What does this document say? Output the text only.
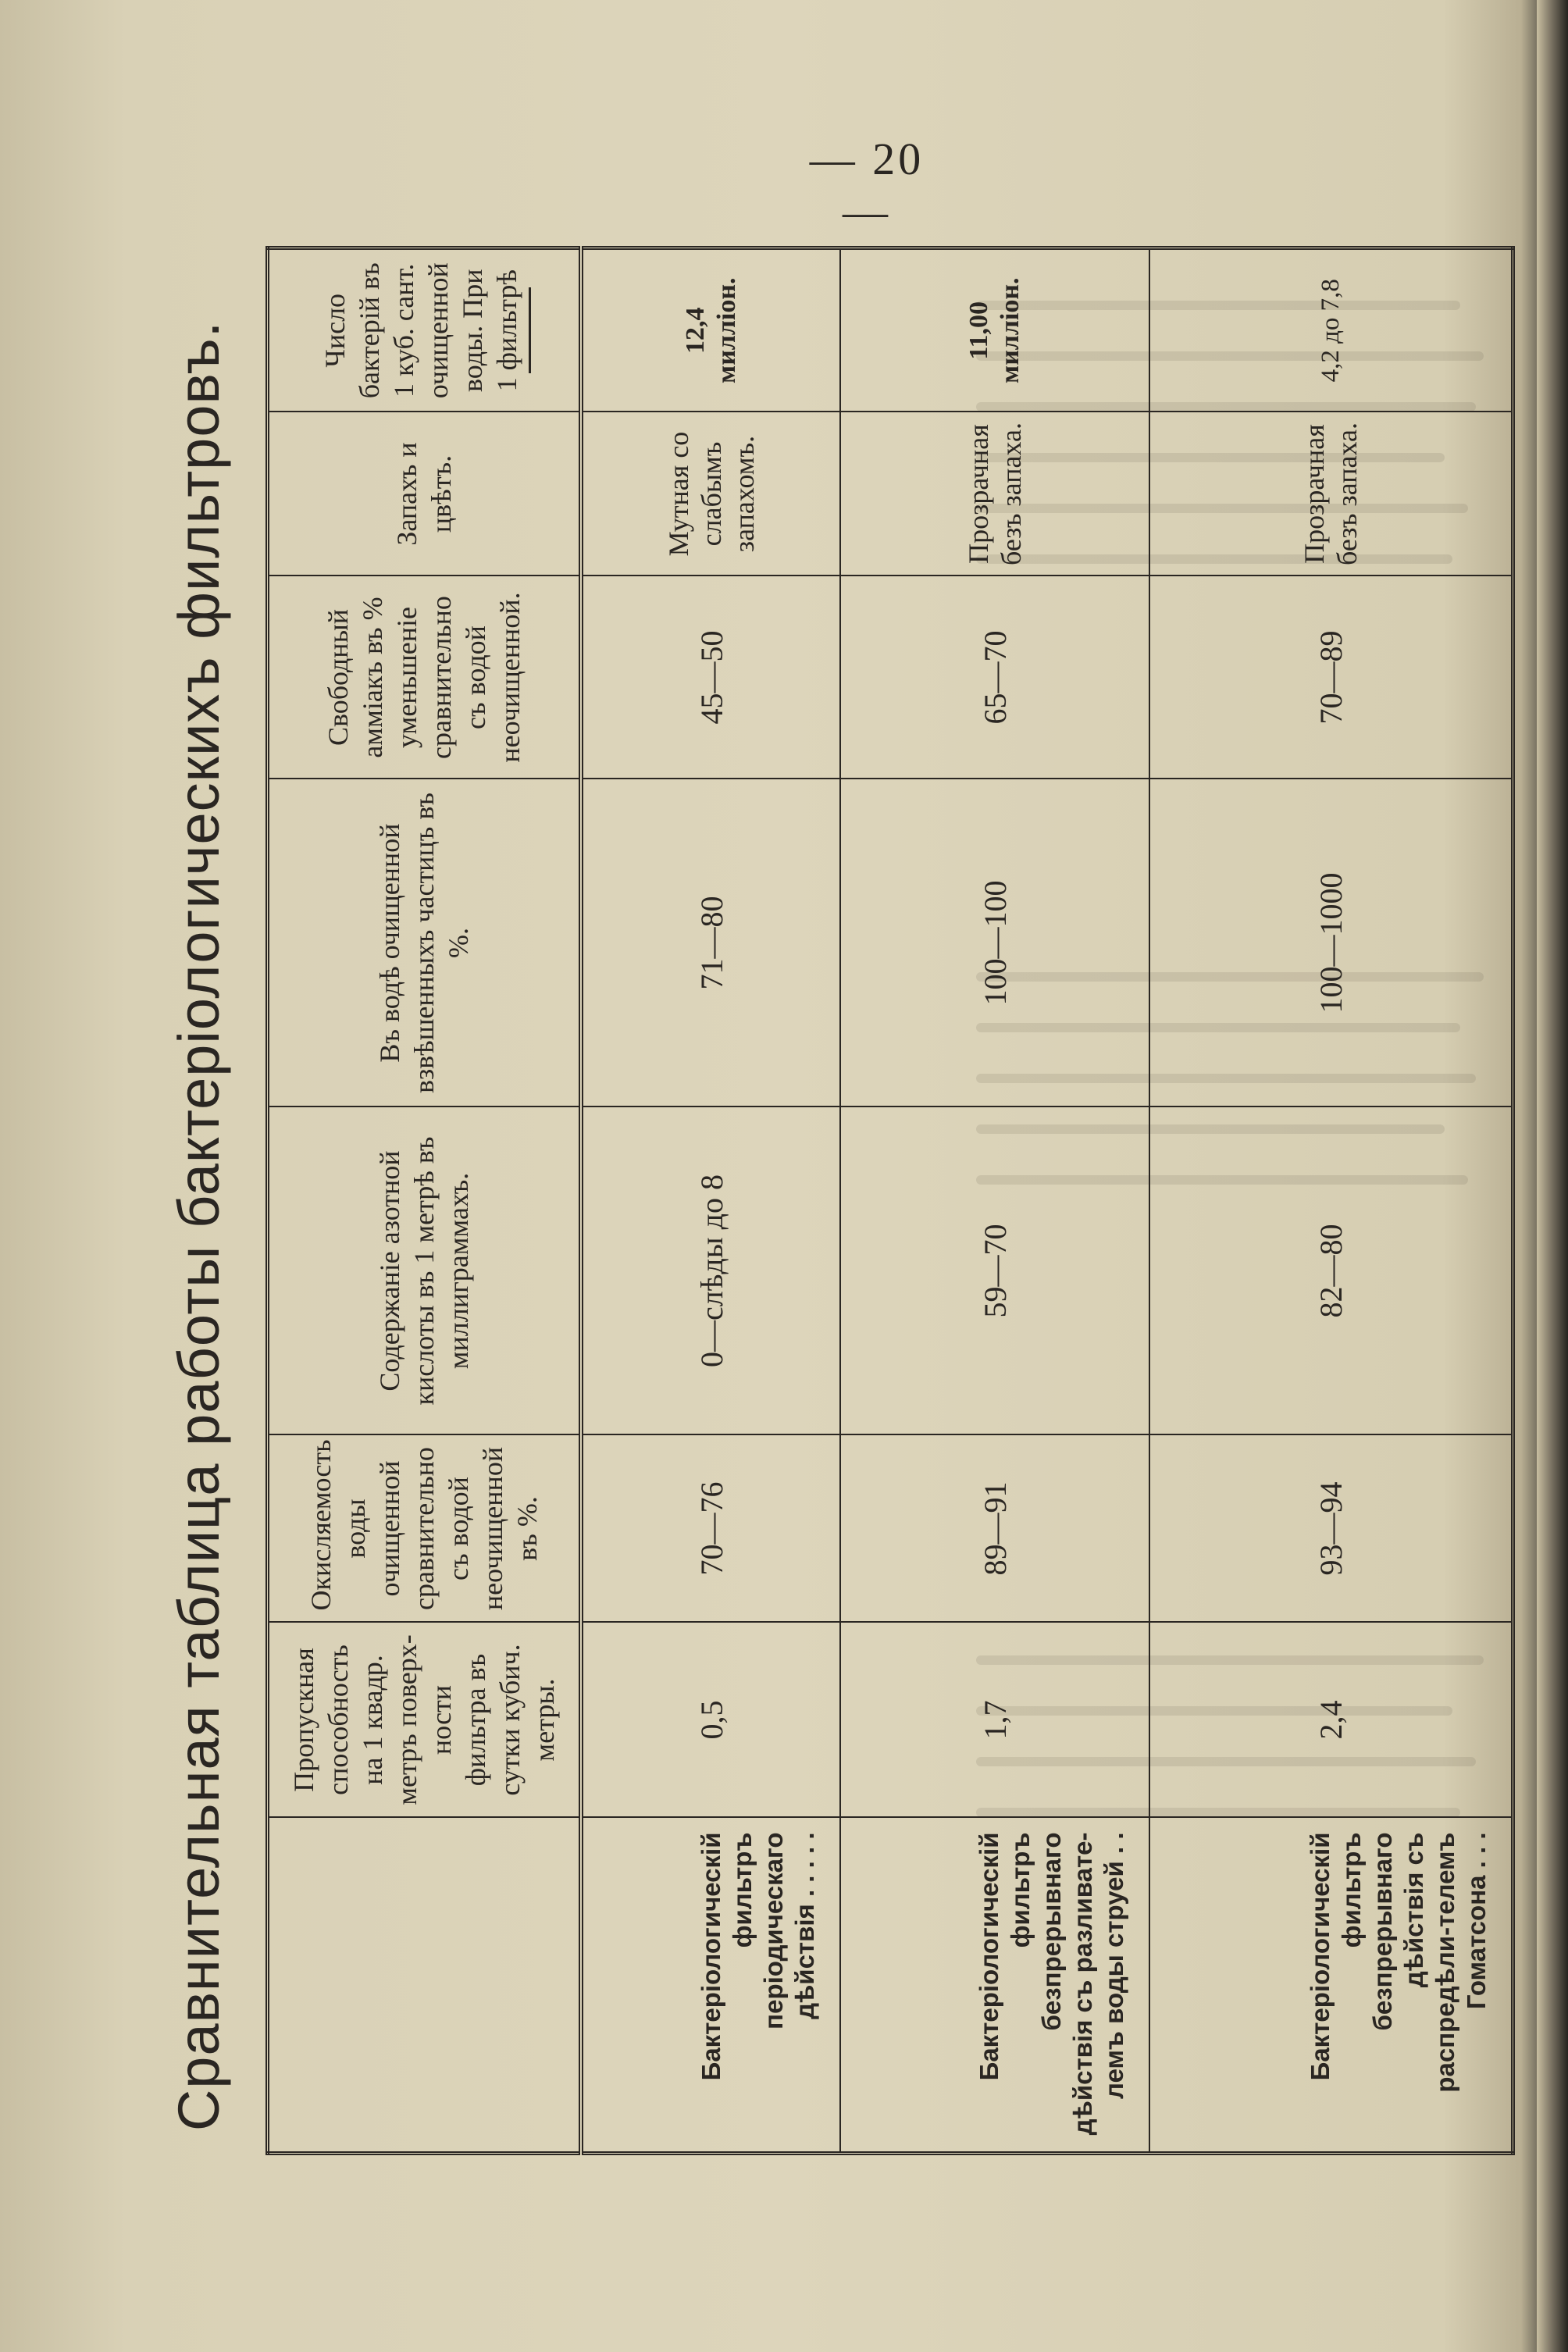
— 20 —
Сравнительная таблица работы бактеріологическихъ фильтровъ.
		Пропускная способность на 1 квадр. метръ поверх-ности фильтра въ сутки кубич. метры.	Окисляемость воды очищенной сравнительно съ водой неочищенной въ %.	Содержаніе азотной кислоты въ 1 метрѣ въ миллиграммахъ.	Въ водѣ очищенной взвѣшенныхъ частицъ въ %.	Свободный аммiакъ въ % уменьшеніе сравнительно съ водой неочищенной.	Запахъ и цвѣтъ.	Число бактерій въ 1 куб. сант. очищенной воды. При 1 фильтрѣ

Бактеріологическій фильтръ періодическаго дѣйствія . . . . .	0,5	70—76	0—слѣды до 8	71—80	45—50	Мутная со слабымъ запахомъ.	12,4 миллiон.
Бактеріологическій фильтръ безпрерывнаго дѣйствія съ разливате-лемъ воды струей . .	1,7	89—91	59—70	100—100	65—70	Прозрачная безъ запаха.	11,00 миллiон.
Бактеріологическій фильтръ безпрерывнаго дѣйствія съ распредѣли-телемъ Гоматсона . . .	2,4	93—94	82—80	100—1000	70—89	Прозрачная безъ запаха.	4,2 до 7,8
